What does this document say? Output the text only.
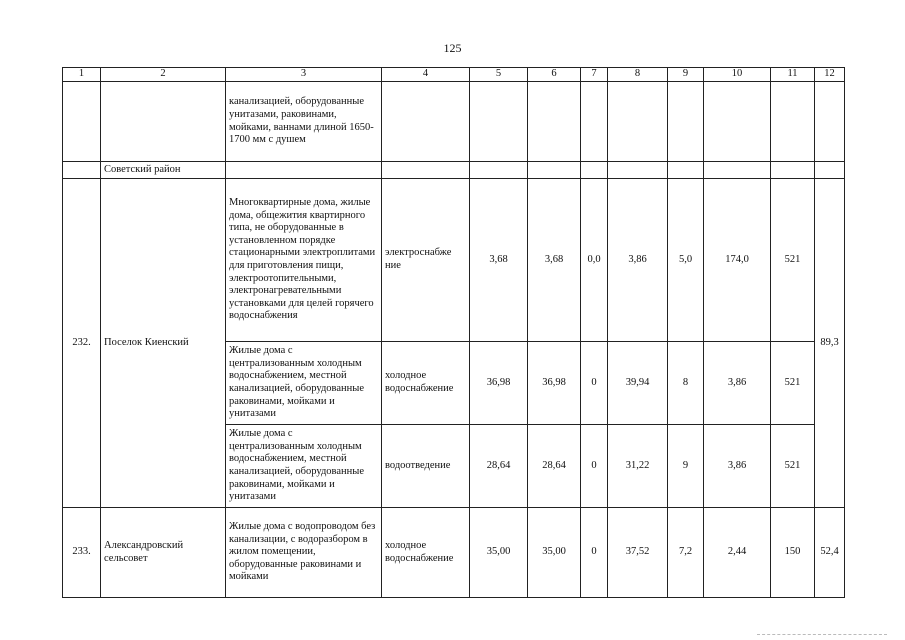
125
1	2	3	4	5	6	7	8	9	10	11	12
		канализацией, оборудованные унитазами, раковинами, мойками, ваннами длиной 1650-1700 мм с душем									
	Советский район										
232.	Поселок Киенский	Многоквартирные дома, жилые дома, общежития квартирного типа, не оборудованные в установленном порядке стационарными электроплитами для приготовления пищи, электроотопительными, электронагревательными установками для целей горячего водоснабжения	электроснабже ние	3,68	3,68	0,0	3,86	5,0	174,0	521	89,3
		Жилые дома с централизованным холодным водоснабжением, местной канализацией, оборудованные раковинами, мойками и унитазами	холодное водоснабжение	36,98	36,98	0	39,94	8	3,86	521	
		Жилые дома с централизованным холодным водоснабжением, местной канализацией, оборудованные раковинами, мойками и унитазами	водоотведение	28,64	28,64	0	31,22	9	3,86	521	
233.	Александровский сельсовет	Жилые дома с водопроводом без канализации, с водоразбором в жилом помещении, оборудованные раковинами и мойками	холодное водоснабжение	35,00	35,00	0	37,52	7,2	2,44	150	52,4
